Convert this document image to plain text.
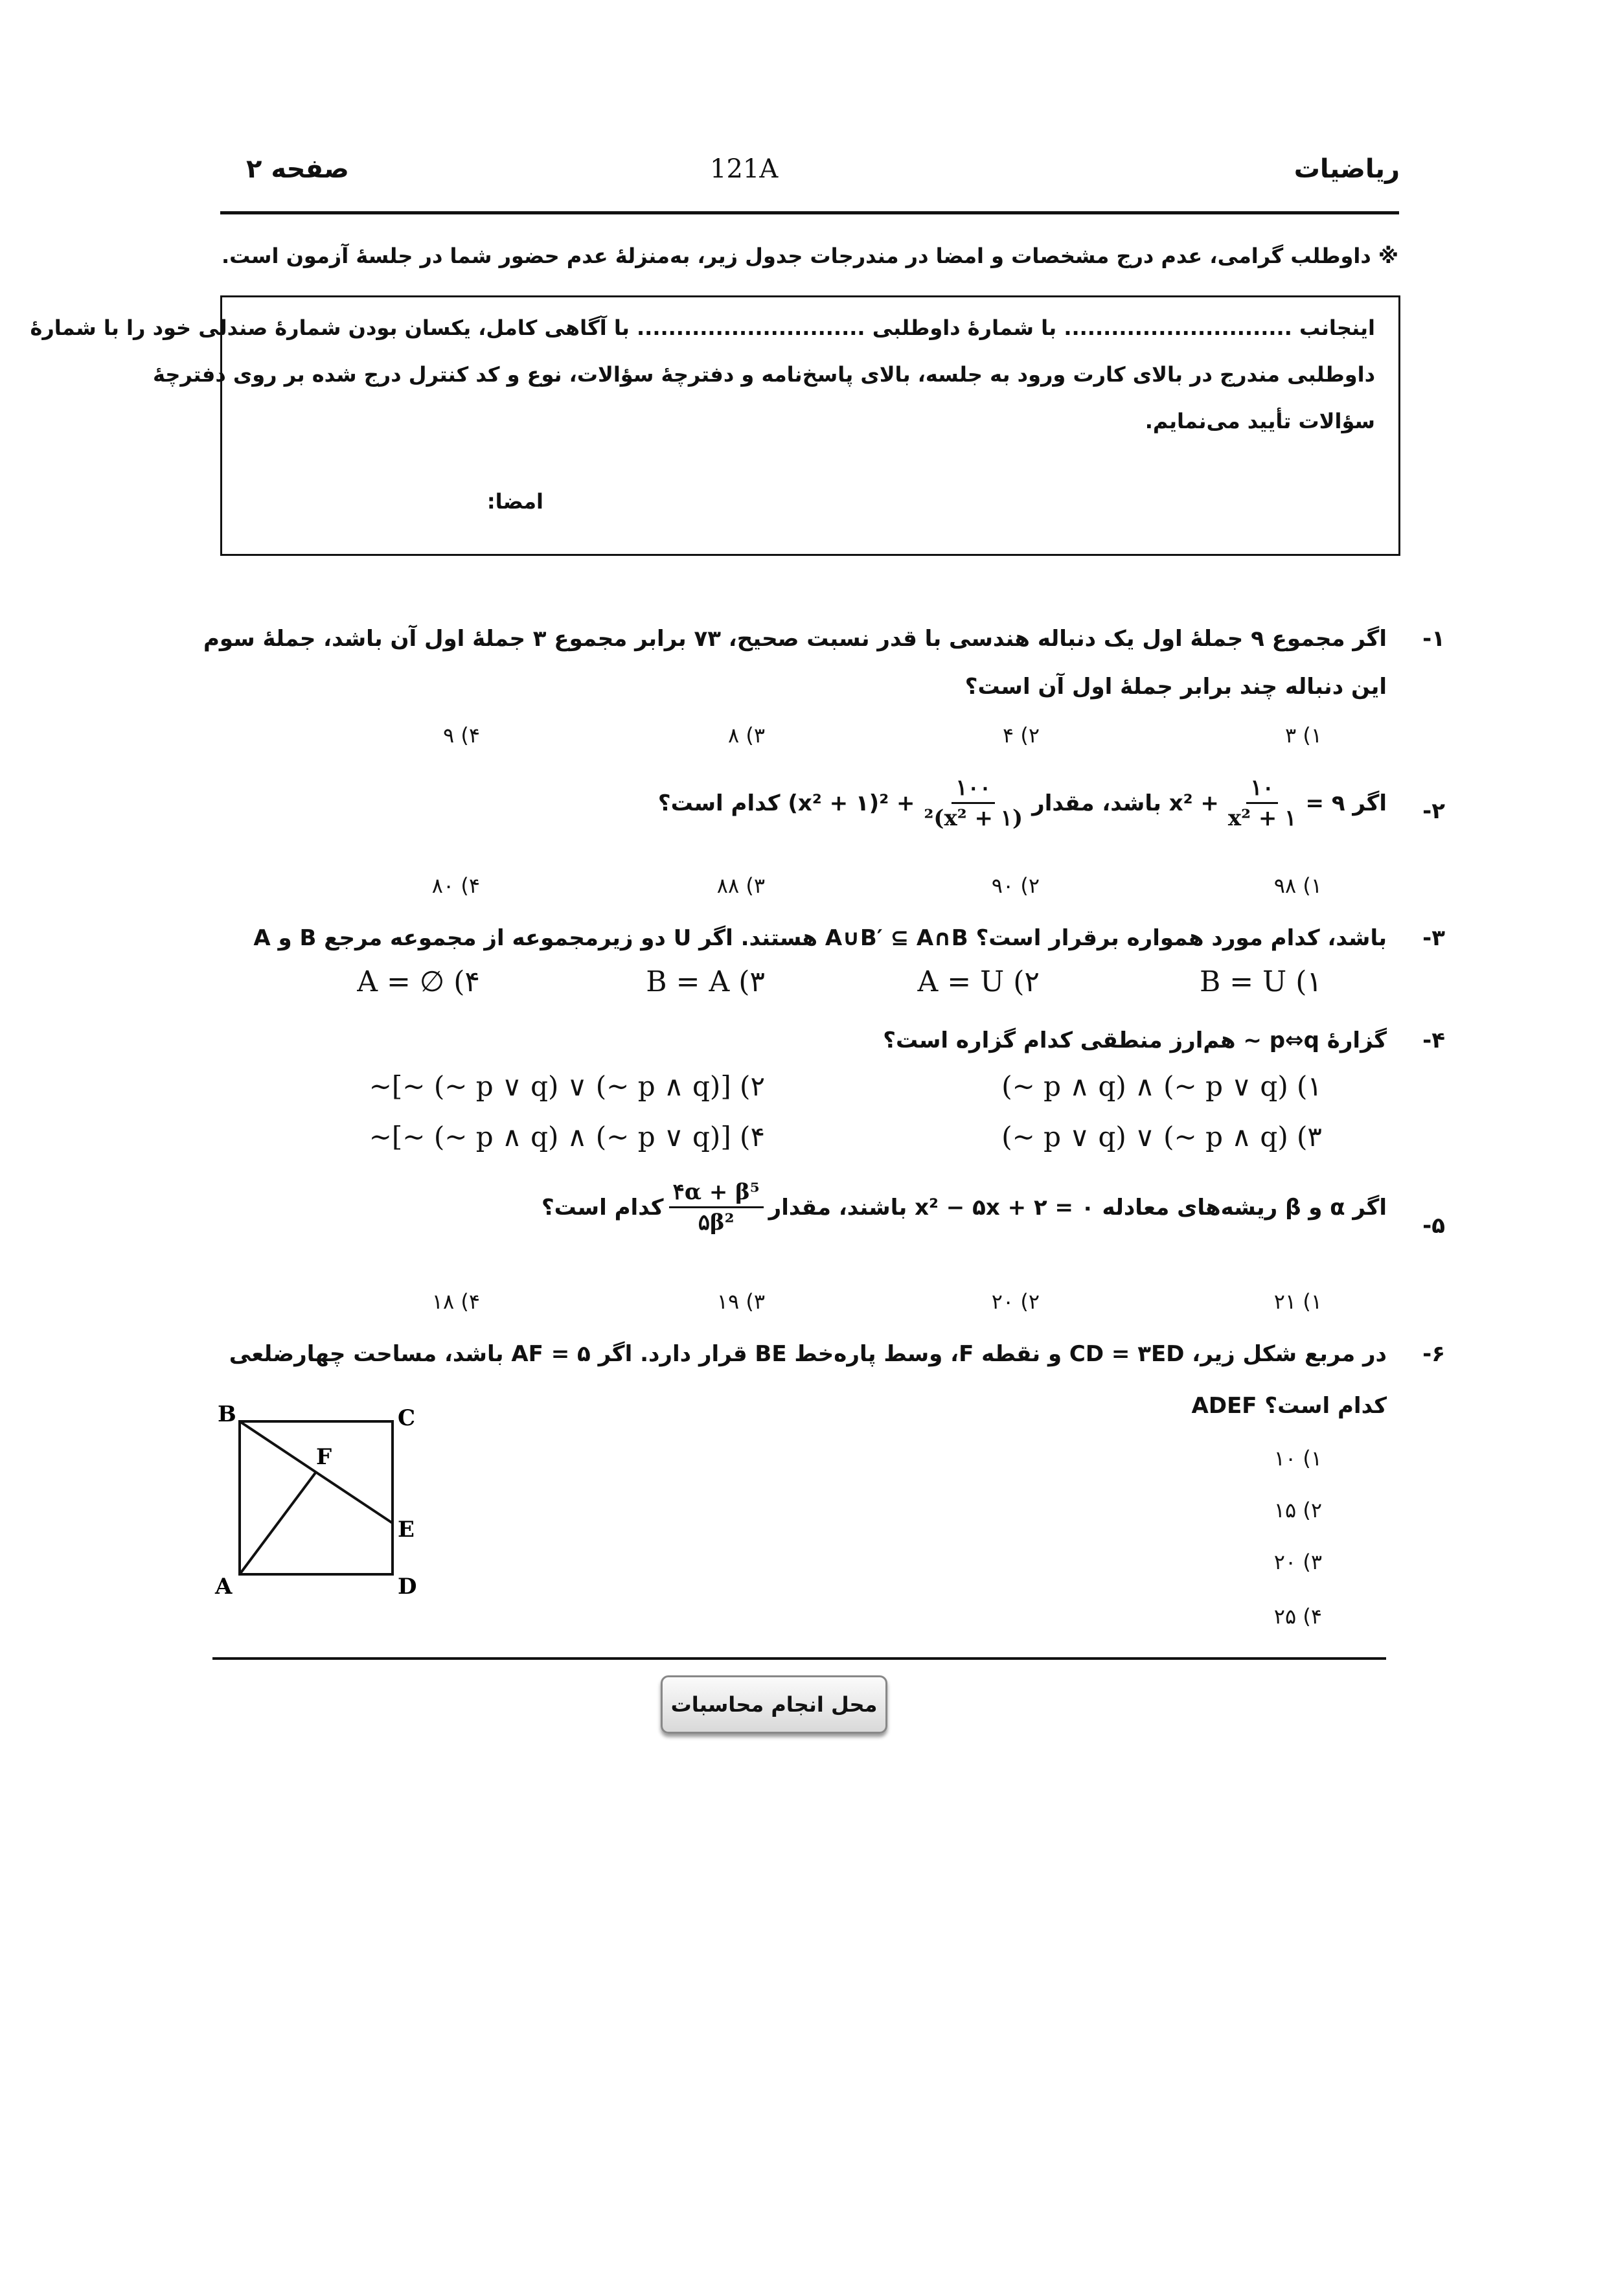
ریاضیات
121A
صفحه ۲
※ داوطلب گرامی، عدم درج مشخصات و امضا در مندرجات جدول زیر، به‌منزلهٔ عدم حضور شما در جلسهٔ آزمون است.
اینجانب ............................. با شمارهٔ داوطلبی ............................. با آگاهی کامل، یکسان بودن شمارهٔ صندلی خود را با شمارهٔ
داوطلبی مندرج در بالای کارت ورود به جلسه، بالای پاسخ‌نامه و دفترچهٔ سؤالات، نوع و کد کنترل درج شده بر روی دفترچهٔ
سؤالات تأیید می‌نمایم.
امضا:
-۱
اگر مجموع ۹ جملهٔ اول یک دنباله هندسی با قدر نسبت صحیح، ۷۳ برابر مجموع ۳ جملهٔ اول آن باشد، جملهٔ سوم
این دنباله چند برابر جملهٔ اول آن است؟
۳ (۱
۴ (۲
۸ (۳
۹ (۴
-۲
اگر ۹ =
$\frac{۱۰}{\text{x² + ۱}}$
+ x² باشد، مقدار
$\frac{۱۰۰}{\text{(x² + ۱)²}}$
+ ²(۱ + x²) کدام است؟
۹۸ (۱
۹۰ (۲
۸۸ (۳
۸۰ (۴
-۳
A و B دو زیرمجموعه از مجموعه مرجع U هستند. اگر A∪B′ ⊆ A∩B باشد، کدام مورد همواره برقرار است؟
B = U (۱
A = U (۲
B = A (۳
A = ∅ (۴
-۴
گزارهٔ p⇔q ~ هم‌ارز منطقی کدام گزاره است؟
(~ p ∧ q) ∧ (~ p ∨ q) (۱
~[~ (~ p ∨ q) ∨ (~ p ∧ q)] (۲
(~ p ∨ q) ∨ (~ p ∧ q) (۳
~[~ (~ p ∧ q) ∧ (~ p ∨ q)] (۴
-۵
اگر α و β ریشه‌های معادله ۰ = x² − ۵x + ۲ باشند، مقدار
$\frac{\text{۴α + β⁵}}{\text{۵β²}}$
کدام است؟
۲۱ (۱
۲۰ (۲
۱۹ (۳
۱۸ (۴
-۶
در مربع شکل زیر، CD = ۳ED و نقطه F، وسط پاره‌خط BE قرار دارد. اگر AF = ۵ باشد، مساحت چهارضلعی
ADEF کدام است؟
۱۰ (۱
۱۵ (۲
۲۰ (۳
۲۵ (۴
B	C
F
E
A	D
محل انجام محاسبات
